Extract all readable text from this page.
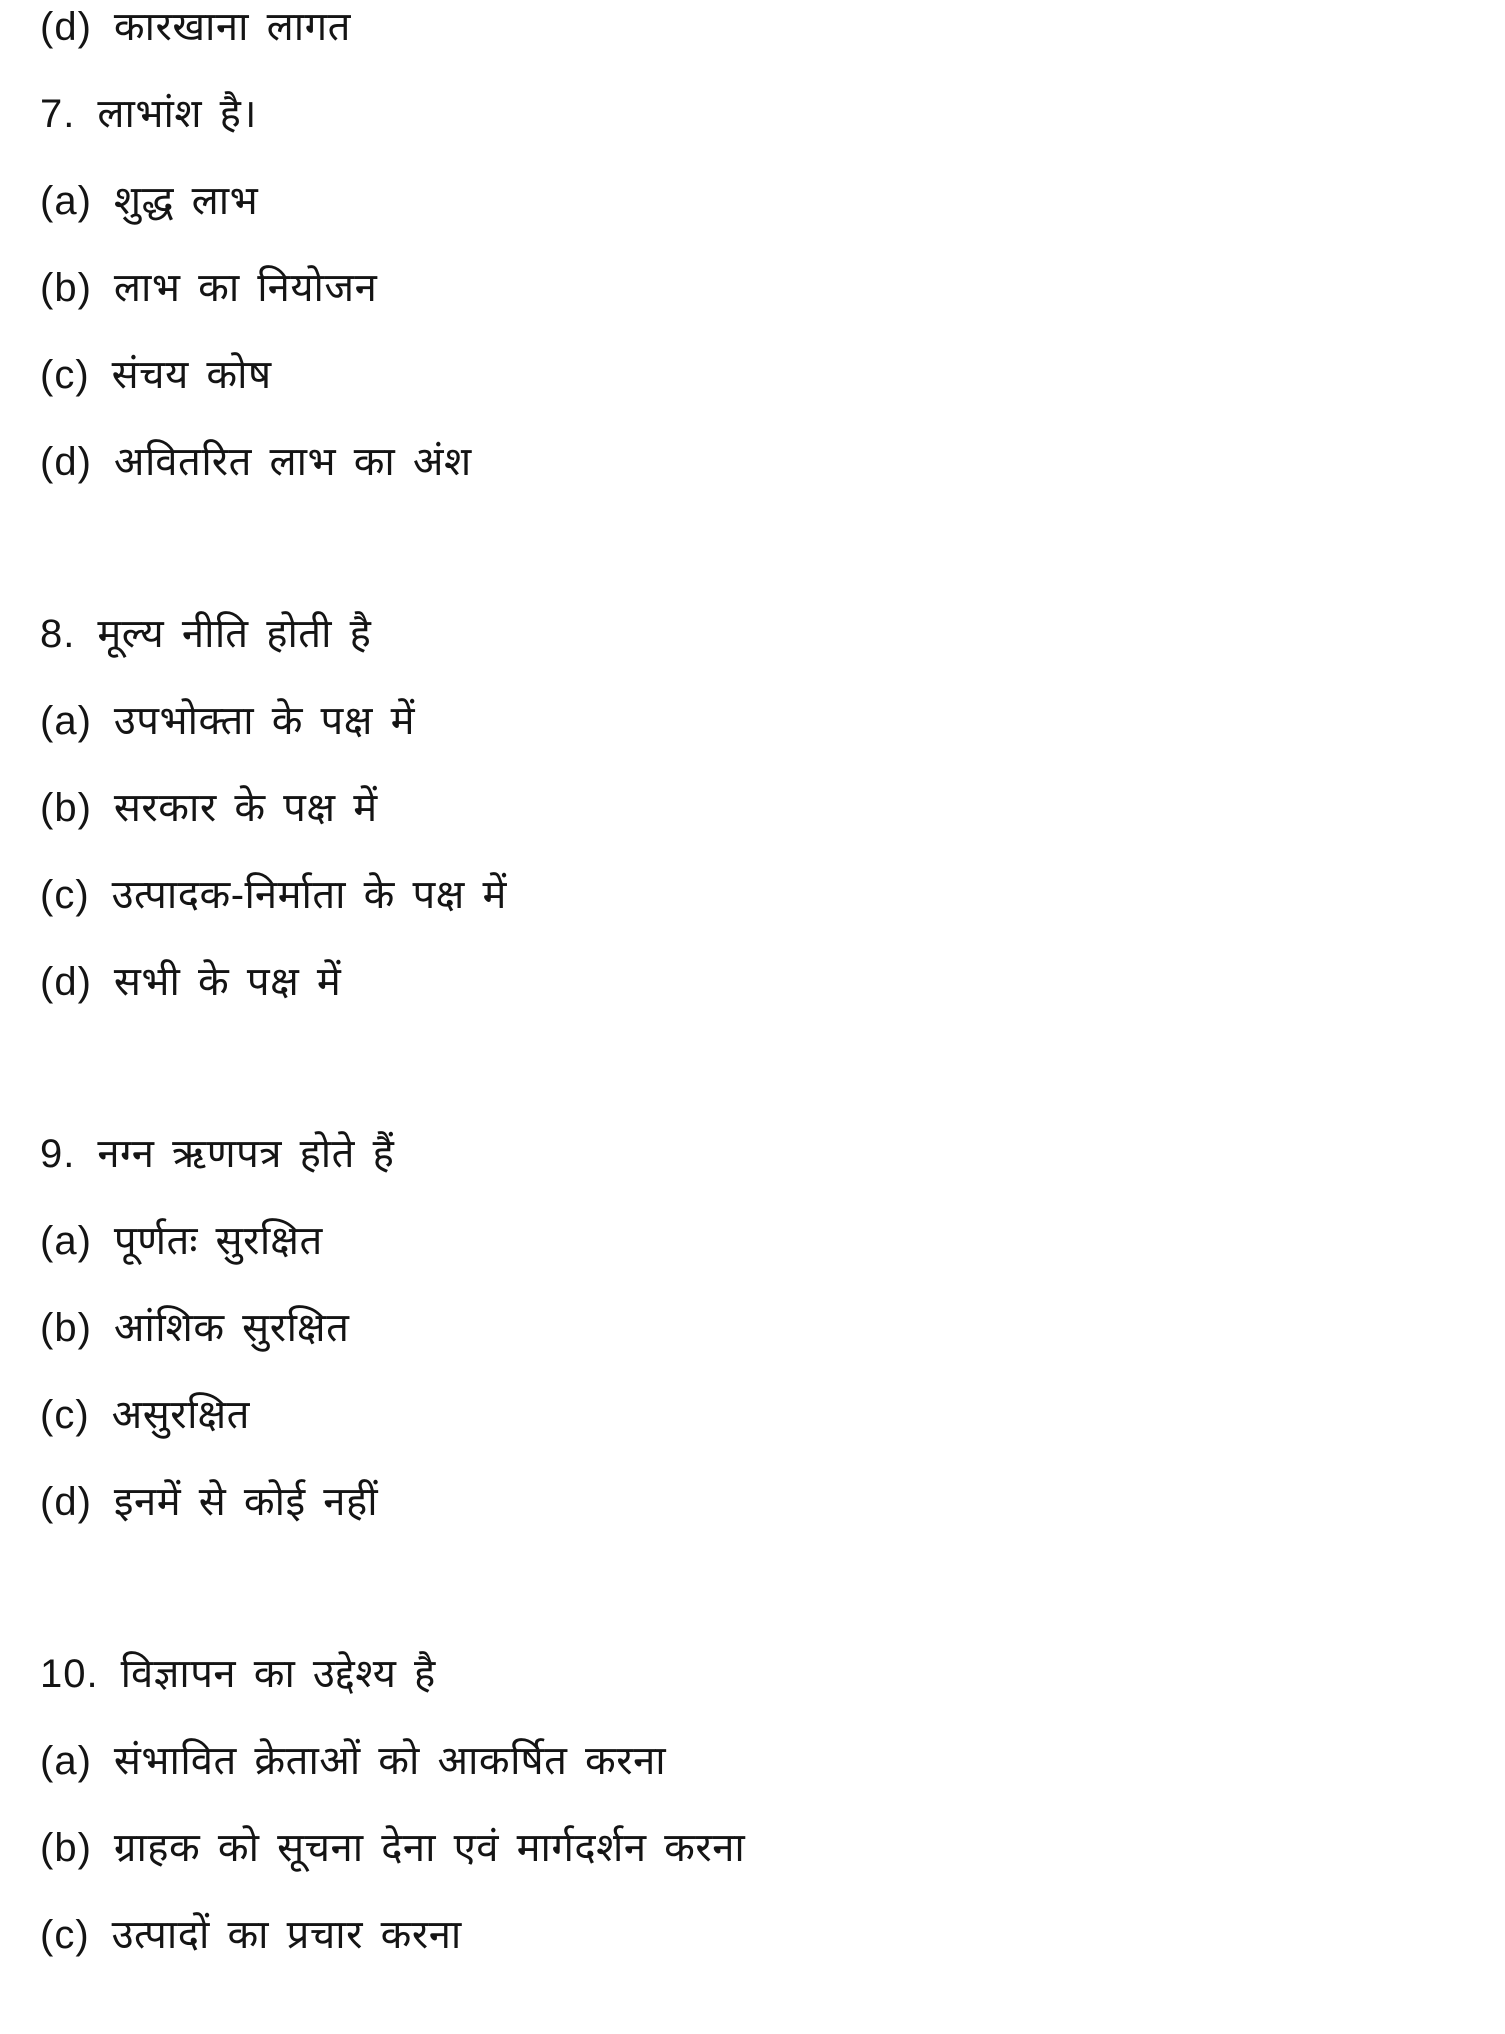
(d) कारखाना लागत
7. लाभांश है।
(a) शुद्ध लाभ
(b) लाभ का नियोजन
(c) संचय कोष
(d) अवितरित लाभ का अंश
8. मूल्य नीति होती है
(a) उपभोक्ता के पक्ष में
(b) सरकार के पक्ष में
(c) उत्पादक-निर्माता के पक्ष में
(d) सभी के पक्ष में
9. नग्न ऋणपत्र होते हैं
(a) पूर्णतः सुरक्षित
(b) आंशिक सुरक्षित
(c) असुरक्षित
(d) इनमें से कोई नहीं
10. विज्ञापन का उद्देश्य है
(a) संभावित क्रेताओं को आकर्षित करना
(b) ग्राहक को सूचना देना एवं मार्गदर्शन करना
(c) उत्पादों का प्रचार करना
